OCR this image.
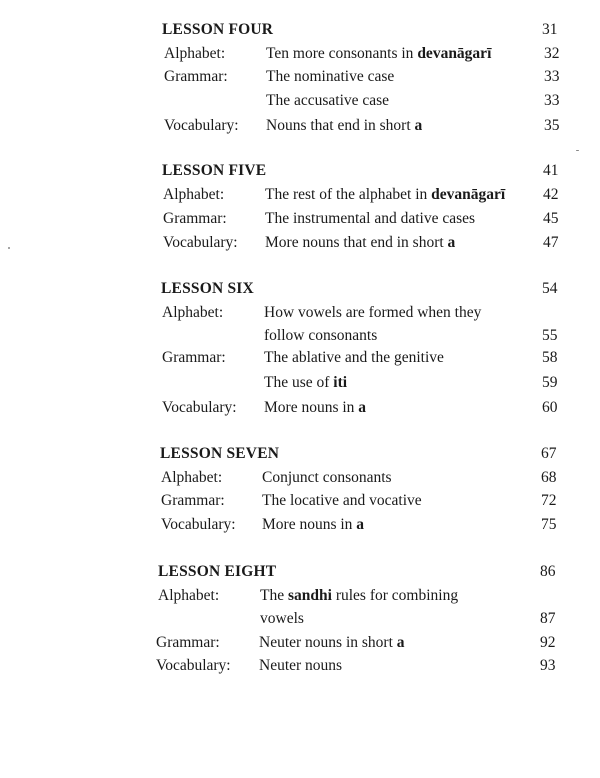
LESSON FOUR	31
Alphabet:	Ten more consonants in devanāgarī	32
Grammar: The nominative case	33
The accusative case	33
Vocabulary: Nouns that end in short a	35
LESSON FIVE	41
Alphabet:	The rest of the alphabet in devanāgarī 42
Grammar: The instrumental and dative cases	45
Vocabulary: More nouns that end in short a	47
LESSON SIX	54
Alphabet:	How vowels are formed when they
follow consonants	55
Grammar: The ablative and the genitive	58
The use of iti	59
Vocabulary: More nouns in a	60
LESSON SEVEN	67
Alphabet:	Conjunct consonants	68
Grammar: The locative and vocative	72
Vocabulary: More nouns in a	75
LESSON EIGHT	86
Alphabet:	The sandhi rules for combining
vowels	87
Grammar:	Neuter nouns in short a	92
Vocabulary: Neuter nouns	93
